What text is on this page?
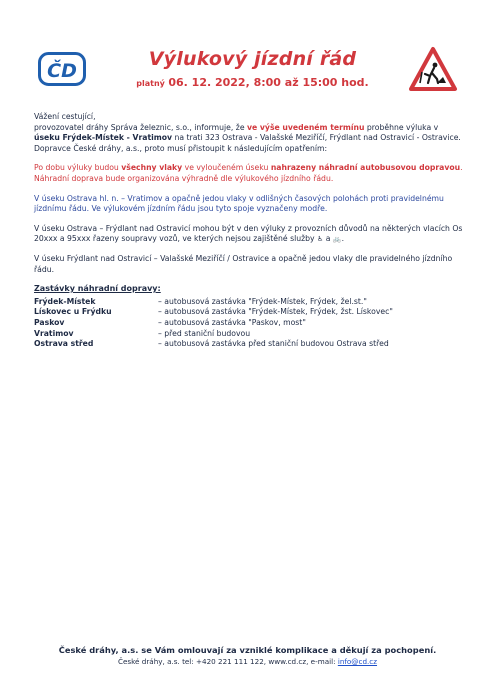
ČD
Výlukový jízdní řád
platný 06. 12. 2022, 8:00 až 15:00 hod.

Vážení cestující,
provozovatel dráhy Správa železnic, s.o., informuje, že ve výše uvedeném termínu proběhne výluka v úseku Frýdek-Místek - Vratimov na trati 323 Ostrava - Valašské Meziříčí, Frýdlant nad Ostravicí - Ostravice. Dopravce České dráhy, a.s., proto musí přistoupit k následujícím opatřením:

Po dobu výluky budou všechny vlaky ve vyloučeném úseku nahrazeny náhradní autobusovou dopravou. Náhradní doprava bude organizována výhradně dle výlukového jízdního řádu.

V úseku Ostrava hl. n. – Vratimov a opačně jedou vlaky v odlišných časových polohách proti pravidelnému jízdnímu řádu. Ve výlukovém jízdním řádu jsou tyto spoje vyznačeny modře.

V úseku Ostrava – Frýdlant nad Ostravicí mohou být v den výluky z provozních důvodů na některých vlacích Os 20xxx a 95xxx řazeny soupravy vozů, ve kterých nejsou zajištěné služby ♿ a 🚲.

V úseku Frýdlant nad Ostravicí – Valašské Meziříčí / Ostravice a opačně jedou vlaky dle pravidelného jízdního řádu.

Zastávky náhradní dopravy:
Frýdek-Místek	– autobusová zastávka "Frýdek-Místek, Frýdek, žel.st."
Lískovec u Frýdku	– autobusová zastávka "Frýdek-Místek, Frýdek, žst. Lískovec"
Paskov	– autobusová zastávka "Paskov, most"
Vratimov	– před staniční budovou
Ostrava střed	– autobusová zastávka před staniční budovou Ostrava střed
České dráhy, a.s. se Vám omlouvají za vzniklé komplikace a děkují za pochopení.
České dráhy, a.s. tel: +420 221 111 122, www.cd.cz, e-mail: info@cd.cz
